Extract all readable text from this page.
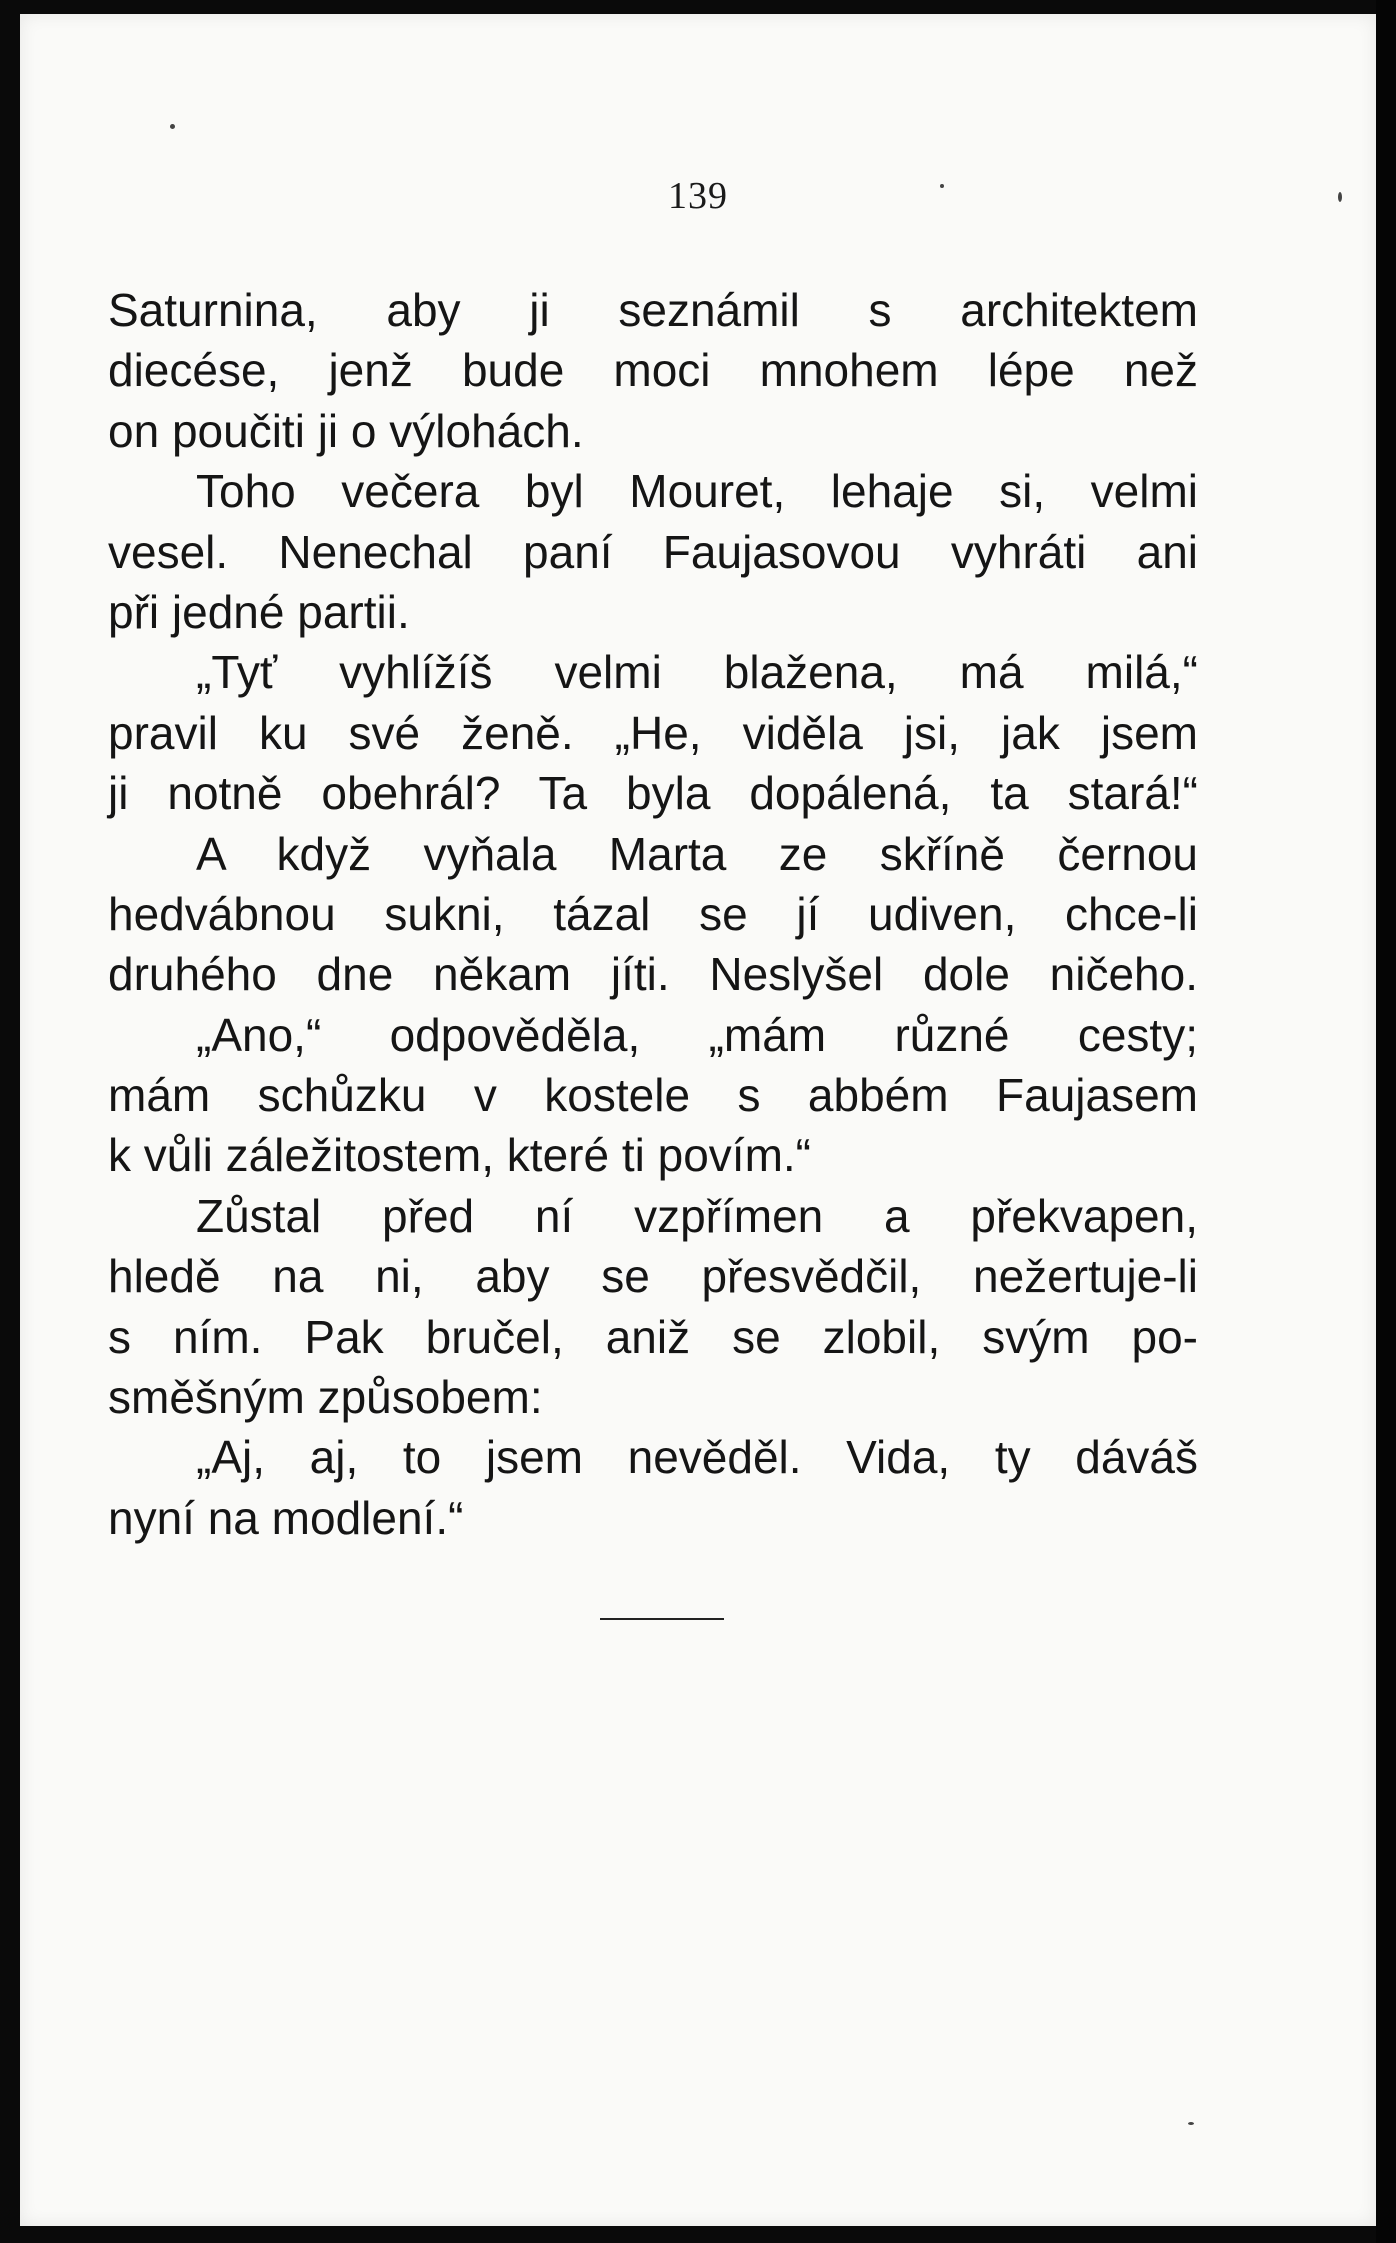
139
Saturnina, aby ji seznámil s architektem
diecése, jenž bude moci mnohem lépe než
on poučiti ji o výlohách.
Toho večera byl Mouret, lehaje si, velmi
vesel. Nenechal paní Faujasovou vyhráti ani
při jedné partii.
„Tyť vyhlížíš velmi blažena, má milá,“
pravil ku své ženě. „He, viděla jsi, jak jsem
ji notně obehrál? Ta byla dopálená, ta stará!“
A když vyňala Marta ze skříně černou
hedvábnou sukni, tázal se jí udiven, chce-li
druhého dne někam jíti. Neslyšel dole ničeho.
„Ano,“ odpověděla, „mám různé cesty;
mám schůzku v kostele s abbém Faujasem
k vůli záležitostem, které ti povím.“
Zůstal před ní vzpřímen a překvapen,
hledě na ni, aby se přesvědčil, nežertuje-li
s ním. Pak bručel, aniž se zlobil, svým po-
směšným způsobem:
„Aj, aj, to jsem nevěděl. Vida, ty dáváš
nyní na modlení.“
